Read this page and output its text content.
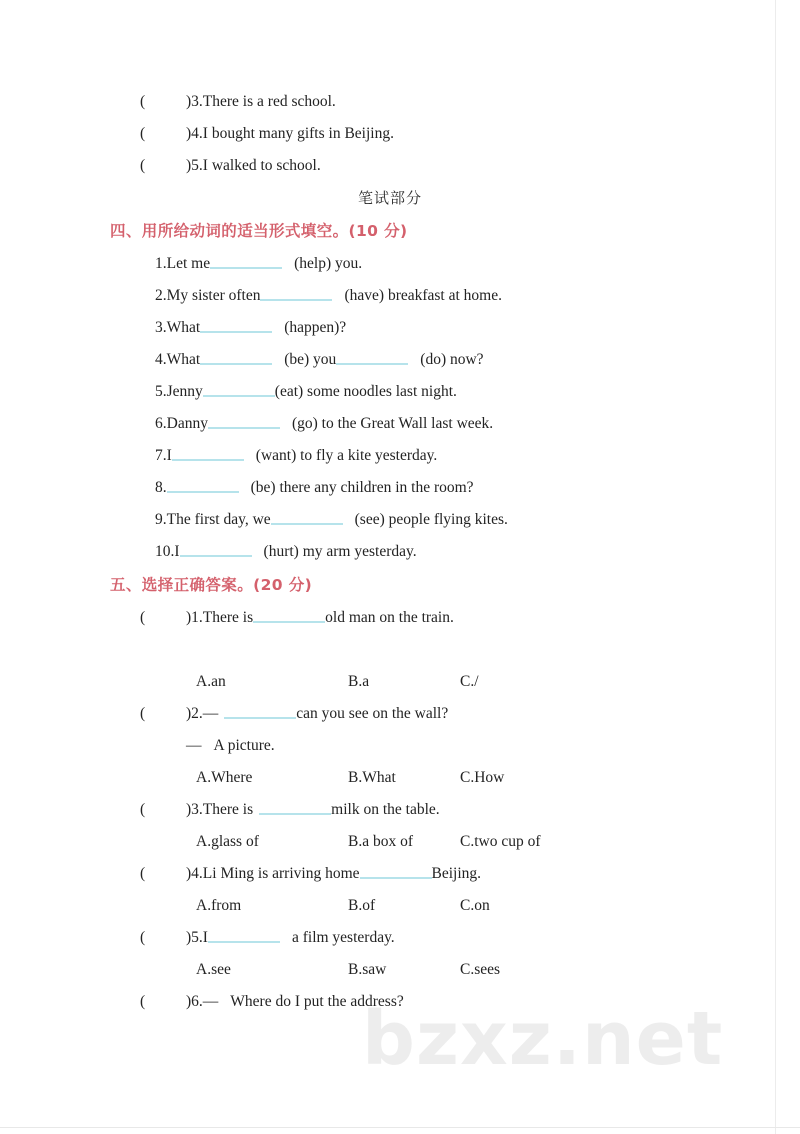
(	)3.There is a red school.
(	)4.I bought many gifts in Beijing.
(	)5.I walked to school.
笔试部分
四、用所给动词的适当形式填空。(10 分)
1.Let me	(help) you.
2.My sister often	(have) breakfast at home.
3.What	(happen)?
4.What	(be) you	(do) now?
5.Jenny	(eat) some noodles last night.
6.Danny	(go) to the Great Wall last week.
7.I	(want) to fly a kite yesterday.
8.	(be) there any children in the room?
9.The first day, we	(see) people flying kites.
10.I	(hurt) my arm yesterday.
五、选择正确答案。(20 分)
(	)1.There is	old man on the train.
A.an	B.a	C./
(	)2.—	can you see on the wall?
— A picture.
A.Where	B.What	C.How
(	)3.There is	milk on the table.
A.glass of	B.a box of	C.two cup of
(	)4.Li Ming is arriving home	Beijing.
A.from	B.of	C.on
(	)5.I	a film yesterday.
A.see	B.saw	C.sees
(	)6.— Where do I put the address?
bzxz.net
